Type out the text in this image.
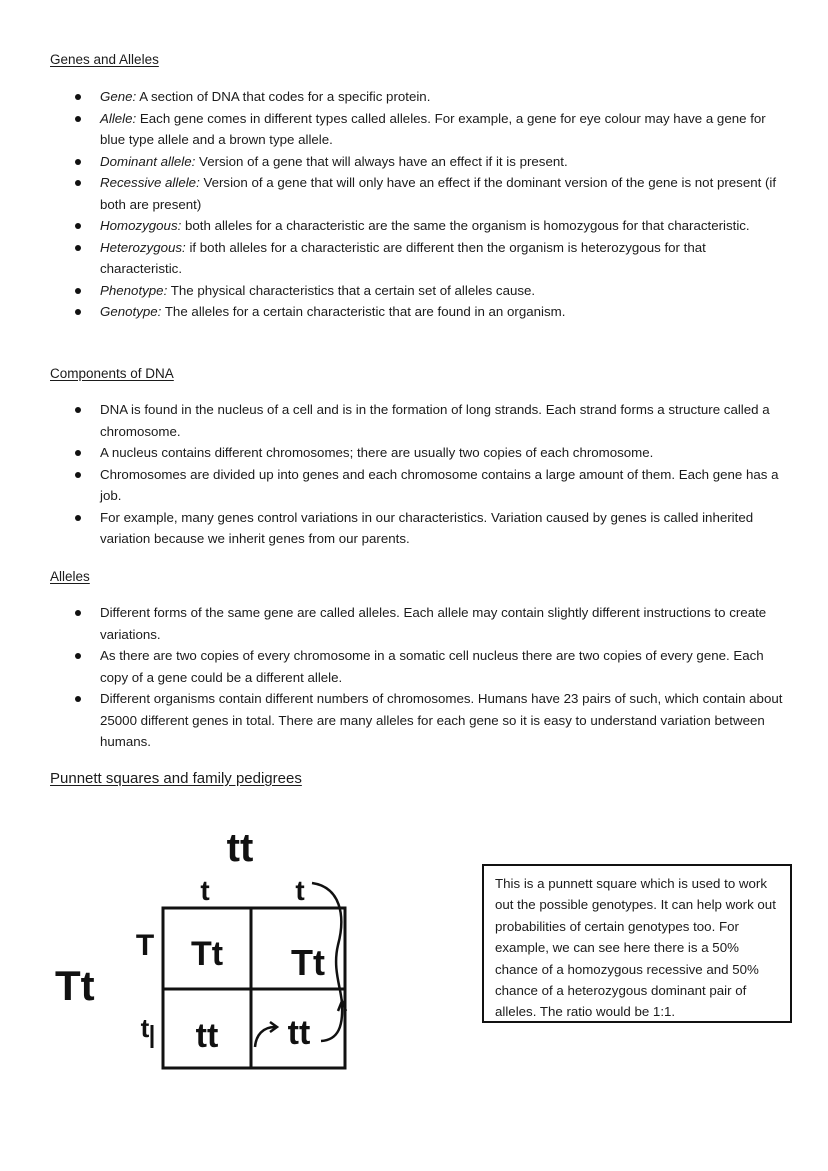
Genes and Alleles
Gene: A section of DNA that codes for a specific protein.
Allele: Each gene comes in different types called alleles. For example, a gene for eye colour may have a gene for blue type allele and a brown type allele.
Dominant allele: Version of a gene that will always have an effect if it is present.
Recessive allele: Version of a gene that will only have an effect if the dominant version of the gene is not present (if both are present)
Homozygous: both alleles for a characteristic are the same the organism is homozygous for that characteristic.
Heterozygous: if both alleles for a characteristic are different then the organism is heterozygous for that characteristic.
Phenotype: The physical characteristics that a certain set of alleles cause.
Genotype: The alleles for a certain characteristic that are found in an organism.
Components of DNA
DNA is found in the nucleus of a cell and is in the formation of long strands. Each strand forms a structure called a chromosome.
A nucleus contains different chromosomes; there are usually two copies of each chromosome.
Chromosomes are divided up into genes and each chromosome contains a large amount of them. Each gene has a job.
For example, many genes control variations in our characteristics. Variation caused by genes is called inherited variation because we inherit genes from our parents.
Alleles
Different forms of the same gene are called alleles. Each allele may contain slightly different instructions to create variations.
As there are two copies of every chromosome in a somatic cell nucleus there are two copies of every gene. Each copy of a gene could be a different allele.
Different organisms contain different numbers of chromosomes. Humans have 23 pairs of such, which contain about 25000 different genes in total. There are many alleles for each gene so it is easy to understand variation between humans.
Punnett squares and family pedigrees
tt
Tt
t	t
T
t
Tt Tt
tt tt
This is a punnett square which is used to work out the possible genotypes. It can help work out probabilities of certain genotypes too. For example, we can see here there is a 50% chance of a homozygous recessive and 50% chance of a heterozygous dominant pair of alleles. The ratio would be 1:1.
